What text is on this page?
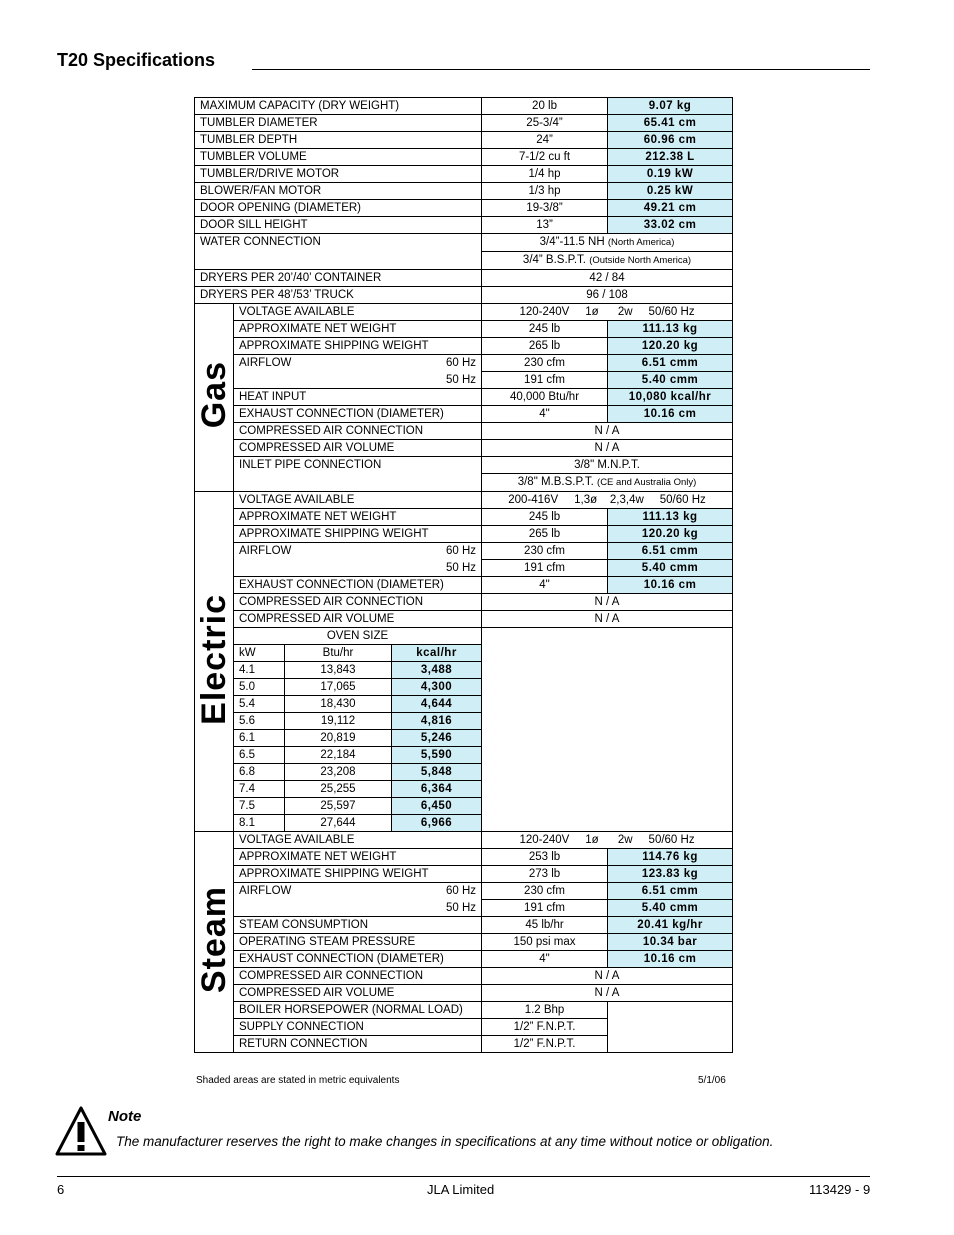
T20 Specifications
MAXIMUM CAPACITY (DRY WEIGHT)				20 lb	9.07 kg
TUMBLER DIAMETER				25-3/4”	65.41 cm
TUMBLER DEPTH				24”	60.96 cm
TUMBLER VOLUME				7-1/2 cu ft	212.38 L
TUMBLER/DRIVE MOTOR				1/4 hp	0.19 kW
BLOWER/FAN MOTOR				1/3 hp	0.25 kW
DOOR OPENING (DIAMETER)				19-3/8”	49.21 cm
DOOR SILL HEIGHT				13”	33.02 cm
WATER CONNECTION				3/4”-11.5 NH (North America)	
				3/4” B.S.P.T. (Outside North America)	
DRYERS PER 20’/40’ CONTAINER				42 / 84	
DRYERS PER 48’/53’ TRUCK				96 / 108	
Gas	VOLTAGE AVAILABLE			120-240V     1ø      2w     50/60 Hz	
	APPROXIMATE NET WEIGHT			245 lb	111.13 kg
	APPROXIMATE SHIPPING WEIGHT			265 lb	120.20 kg
	AIRFLOW		60 Hz	230 cfm	6.51 cmm
			50 Hz	191 cfm	5.40 cmm
	HEAT INPUT			40,000 Btu/hr	10,080 kcal/hr
	EXHAUST CONNECTION (DIAMETER)			4"	10.16 cm
	COMPRESSED AIR CONNECTION			N / A	
	COMPRESSED AIR VOLUME			N / A	
	INLET PIPE CONNECTION			3/8" M.N.P.T.	
				3/8" M.B.S.P.T. (CE and Australia Only)	
Electric	VOLTAGE AVAILABLE			200-416V     1,3ø    2,3,4w     50/60 Hz	
	APPROXIMATE NET WEIGHT			245 lb	111.13 kg
	APPROXIMATE SHIPPING WEIGHT			265 lb	120.20 kg
	AIRFLOW		60 Hz	230 cfm	6.51 cmm
			50 Hz	191 cfm	5.40 cmm
	EXHAUST CONNECTION (DIAMETER)			4"	10.16 cm
	COMPRESSED AIR CONNECTION			N / A	
	COMPRESSED AIR VOLUME			N / A	
	OVEN SIZE				
	kW	Btu/hr	kcal/hr		
	4.1	13,843	3,488		
	5.0	17,065	4,300		
	5.4	18,430	4,644		
	5.6	19,112	4,816		
	6.1	20,819	5,246		
	6.5	22,184	5,590		
	6.8	23,208	5,848		
	7.4	25,255	6,364		
	7.5	25,597	6,450		
	8.1	27,644	6,966		
Steam	VOLTAGE AVAILABLE			120-240V     1ø      2w     50/60 Hz	
	APPROXIMATE NET WEIGHT			253 lb	114.76 kg
	APPROXIMATE SHIPPING WEIGHT			273 lb	123.83 kg
	AIRFLOW		60 Hz	230 cfm	6.51 cmm
			50 Hz	191 cfm	5.40 cmm
	STEAM CONSUMPTION			45 lb/hr	20.41 kg/hr
	OPERATING STEAM PRESSURE			150 psi max	10.34 bar
	EXHAUST CONNECTION (DIAMETER)			4"	10.16 cm
	COMPRESSED AIR CONNECTION			N / A	
	COMPRESSED AIR VOLUME			N / A	
	BOILER HORSEPOWER (NORMAL LOAD)			1.2 Bhp	
	SUPPLY CONNECTION			1/2” F.N.P.T.	
	RETURN CONNECTION			1/2” F.N.P.T.	
Shaded areas are stated in metric equivalents	5/1/06
Note
The manufacturer reserves the right to make changes in specifications at any time without notice or obligation.
6	JLA Limited	113429 - 9
